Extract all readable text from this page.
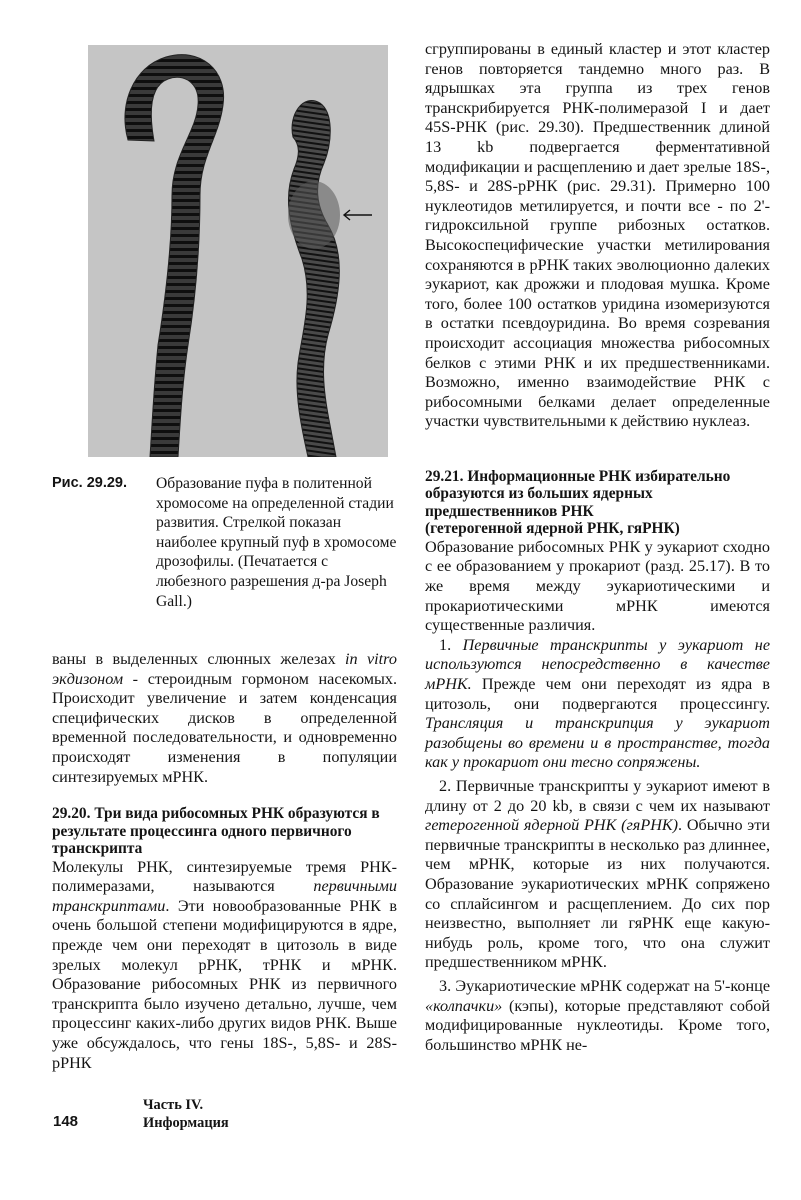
Рис. 29.29. Образование пуфа в политенной хромосоме на определенной стадии развития. Стрелкой показан наиболее крупный пуф в хромосоме дрозофилы. (Печатается с любезного разрешения д-ра Joseph Gall.)

ваны в выделенных слюнных железах in vitro экдизоном - стероидным гормоном насекомых. Происходит увеличение и затем конденсация специфических дисков в определенной временной последовательности, и одновременно происходят изменения в популяции синтезируемых мРНК.

29.20. Три вида рибосомных РНК образуются в результате процессинга одного первичного транскрипта

Молекулы РНК, синтезируемые тремя РНК-полимеразами, называются первичными транскриптами. Эти новообразованные РНК в очень большой степени модифицируются в ядре, прежде чем они переходят в цитозоль в виде зрелых молекул рРНК, тРНК и мРНК. Образование рибосомных РНК из первичного транскрипта было изучено детально, лучше, чем процессинг каких-либо других видов РНК. Выше уже обсуждалось, что гены 18S-, 5,8S- и 28S-рРНК

сгруппированы в единый кластер и этот кластер генов повторяется тандемно много раз. В ядрышках эта группа из трех генов транскрибируется РНК-полимеразой I и дает 45S-РНК (рис. 29.30). Предшественник длиной 13 kb подвергается ферментативной модификации и расщеплению и дает зрелые 18S-, 5,8S- и 28S-рРНК (рис. 29.31). Примерно 100 нуклеотидов метилируется, и почти все - по 2'-гидроксильной группе рибозных остатков. Высокоспецифические участки метилирования сохраняются в рРНК таких эволюционно далеких эукариот, как дрожжи и плодовая мушка. Кроме того, более 100 остатков уридина изомеризуются в остатки псевдоуридина. Во время созревания происходит ассоциация множества рибосомных белков с этими РНК и их предшественниками. Возможно, именно взаимодействие РНК с рибосомными белками делает определенные участки чувствительными к действию нуклеаз.

29.21. Информационные РНК избирательно образуются из больших ядерных предшественников РНК

(гетерогенной ядерной РНК, гяРНК)

Образование рибосомных РНК у эукариот сходно с ее образованием у прокариот (разд. 25.17). В то же время между эукариотическими и прокариотическими мРНК имеются существенные различия.

1. Первичные транскрипты у эукариот не используются непосредственно в качестве мРНК. Прежде чем они переходят из ядра в цитозоль, они подвергаются процессингу. Трансляция и транскрипция у эукариот разобщены во времени и в пространстве, тогда как у прокариот они тесно сопряжены.

2. Первичные транскрипты у эукариот имеют в длину от 2 до 20 kb, в связи с чем их называют гетерогенной ядерной РНК (гяРНК). Обычно эти первичные транскрипты в несколько раз длиннее, чем мРНК, которые из них получаются. Образование эукариотических мРНК сопряжено со сплайсингом и расщеплением. До сих пор неизвестно, выполняет ли гяРНК еще какую-нибудь роль, кроме того, что она служит предшественником мРНК.

3. Эукариотические мРНК содержат на 5'-конце «колпачки» (кэпы), которые представляют собой модифицированные нуклеотиды. Кроме того, большинство мРНК не-

148
Часть IV.
Информация
